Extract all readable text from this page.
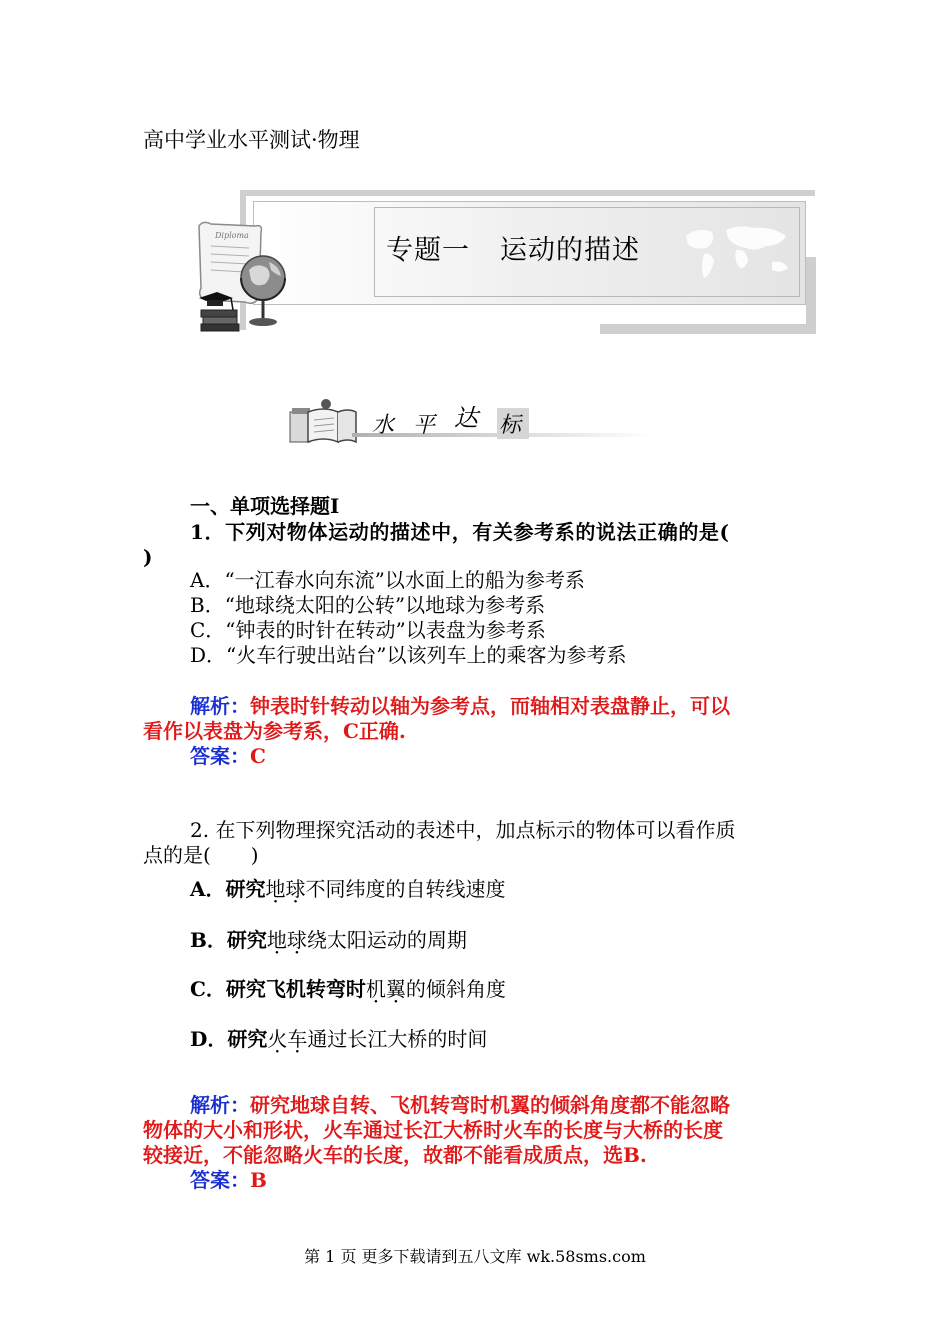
高中学业水平测试·物理
Diploma	专题一 运动的描述
水 平 达 标
一、单项选择题Ⅰ
1．下列对物体运动的描述中，有关参考系的说法正确的是(
)
A．“一江春水向东流”以水面上的船为参考系
B．“地球绕太阳的公转”以地球为参考系
C．“钟表的时针在转动”以表盘为参考系
D．“火车行驶出站台”以该列车上的乘客为参考系
解析：钟表时针转动以轴为参考点，而轴相对表盘静止，可以
看作以表盘为参考系，C正确.
答案：C
2. 在下列物理探究活动的表述中，加点标示的物体可以看作质
点的是(　　)
A．研究地球不同纬度的自转线速度
B．研究地球绕太阳运动的周期
C．研究飞机转弯时机翼的倾斜角度
D．研究火车通过长江大桥的时间
解析：研究地球自转、飞机转弯时机翼的倾斜角度都不能忽略
物体的大小和形状，火车通过长江大桥时火车的长度与大桥的长度
较接近，不能忽略火车的长度，故都不能看成质点，选B.
答案：B
第 1 页 更多下载请到五八文库 wk.58sms.com
